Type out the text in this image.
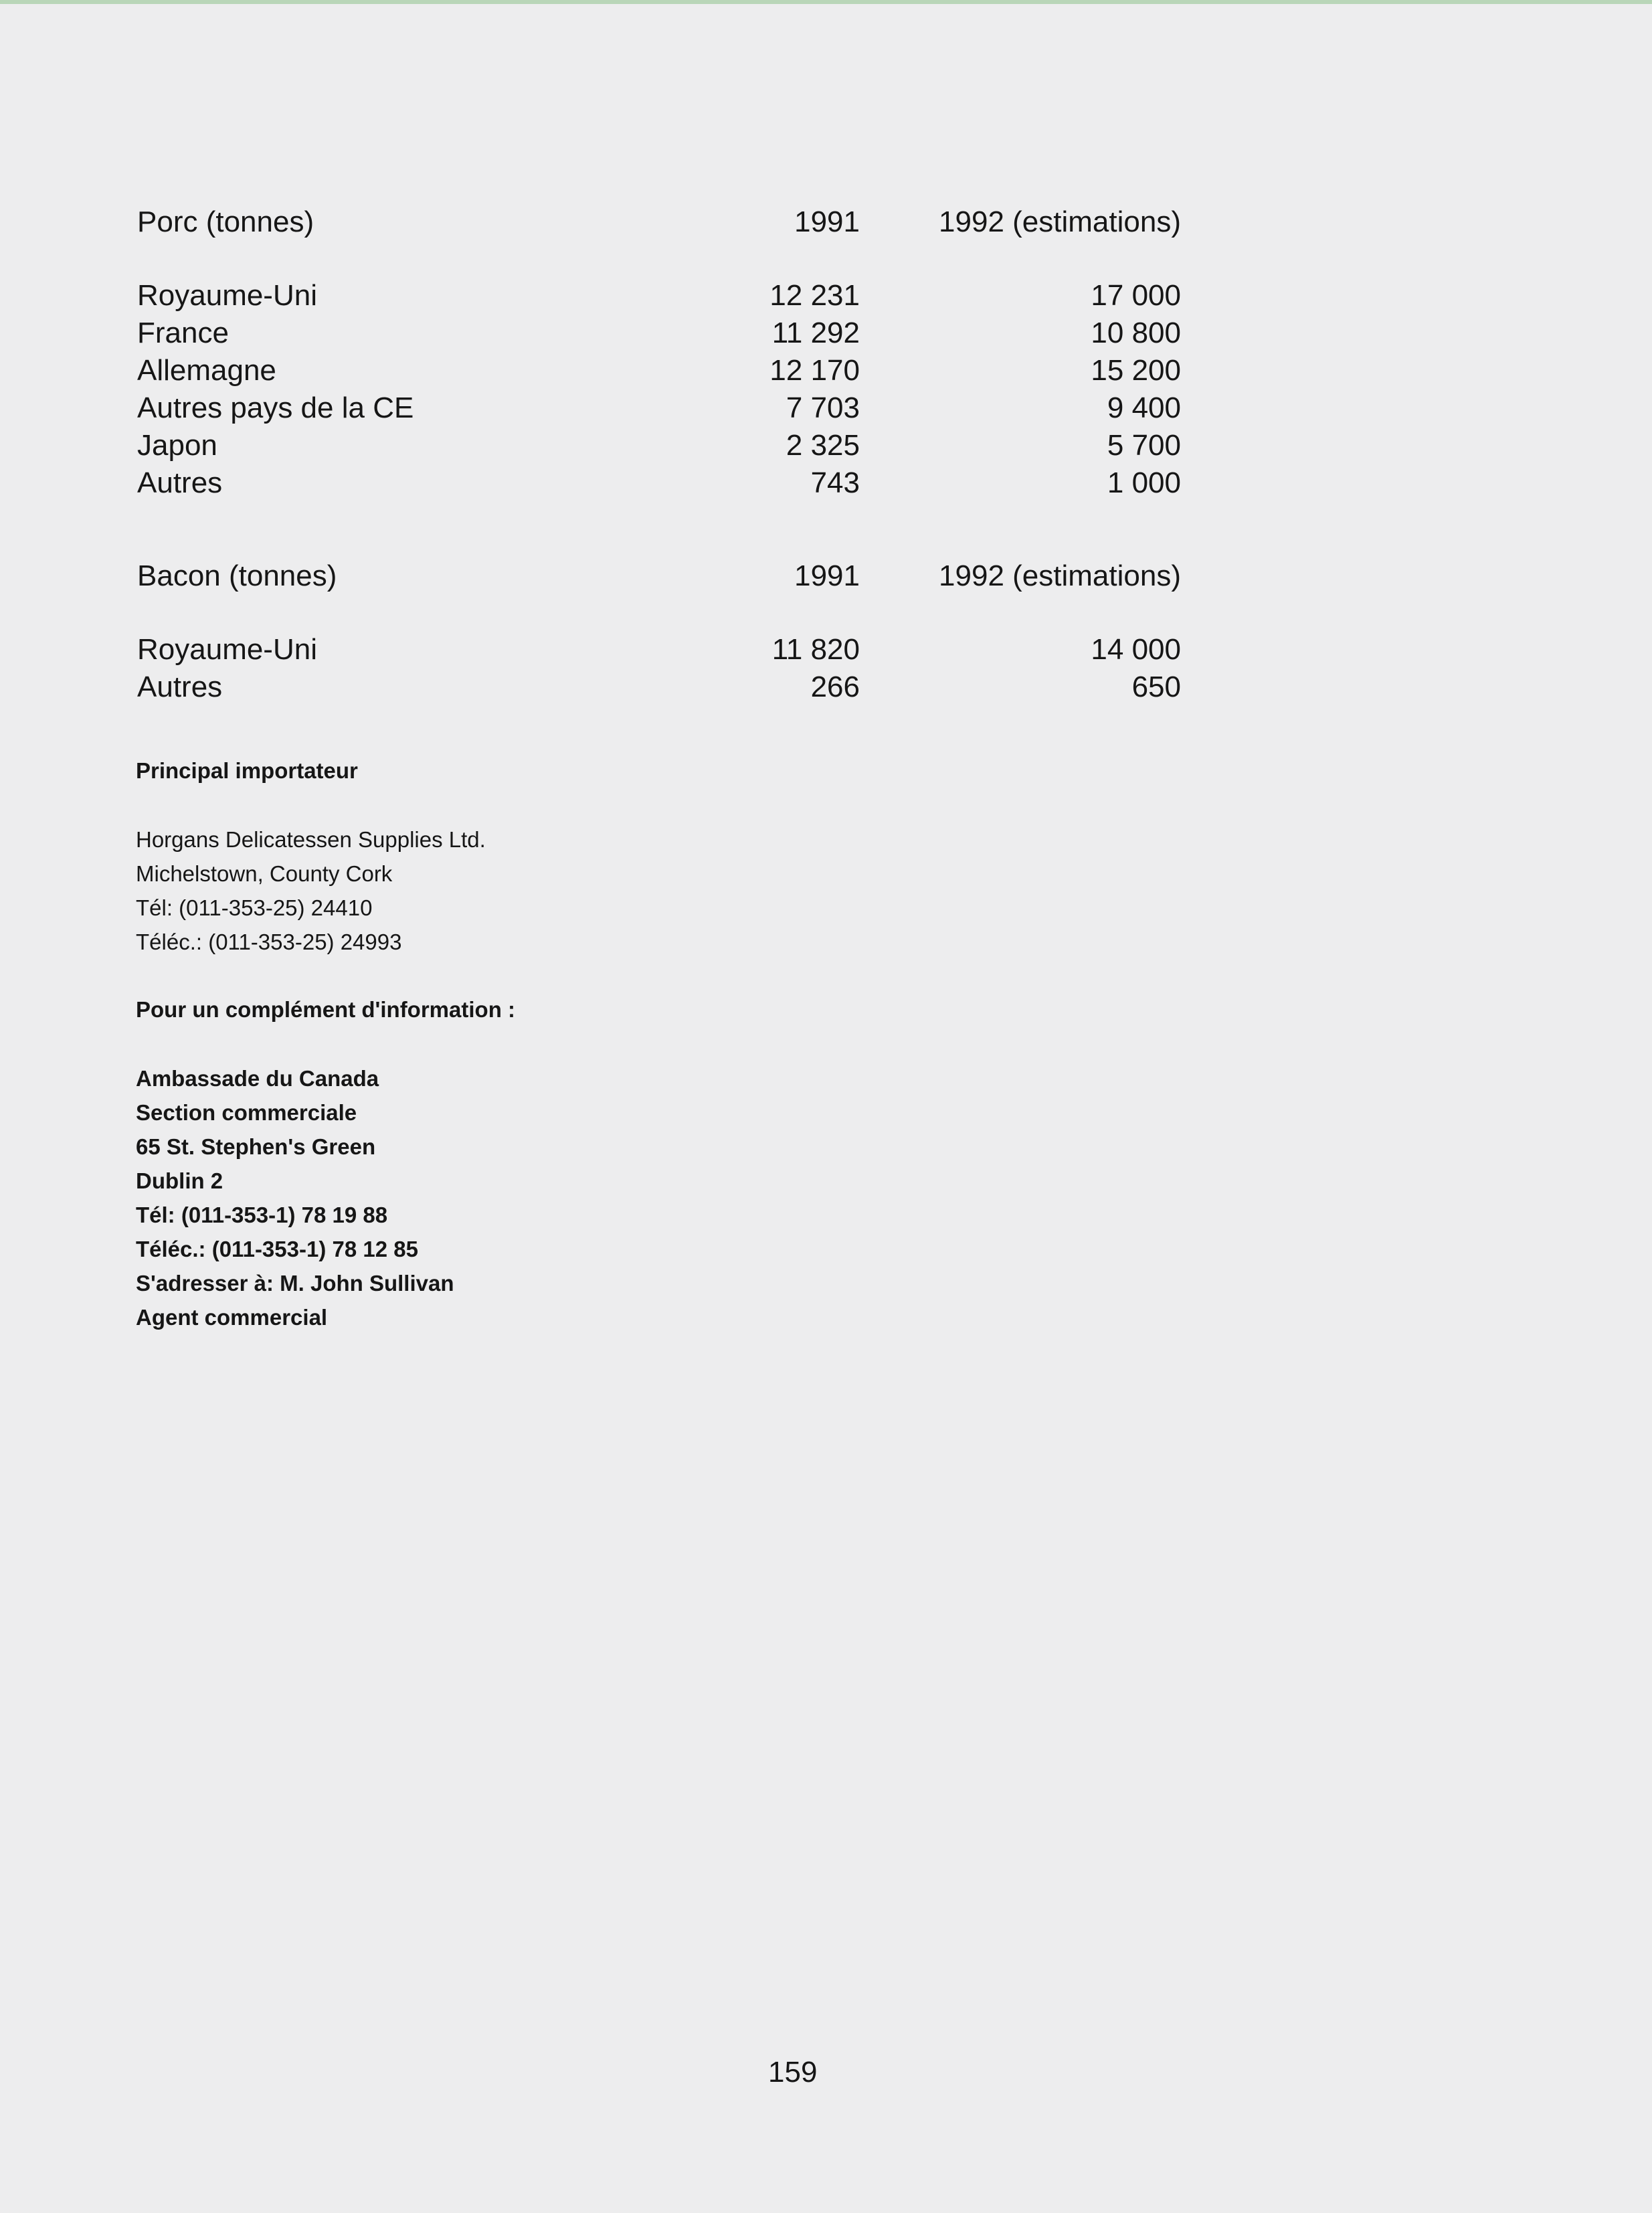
Porc (tonnes)	1991	1992 (estimations)
Royaume-Uni	12 231	17 000
France	11 292	10 800
Allemagne	12 170	15 200
Autres pays de la CE	7 703	9 400
Japon	2 325	5 700
Autres	743	1 000
Bacon (tonnes)	1991	1992 (estimations)
Royaume-Uni	11 820	14 000
Autres	266	650
Principal importateur
Horgans Delicatessen Supplies Ltd.
Michelstown, County Cork
Tél: (011-353-25) 24410
Téléc.: (011-353-25) 24993
Pour un complément d'information :
Ambassade du Canada
Section commerciale
65 St. Stephen's Green
Dublin 2
Tél: (011-353-1) 78 19 88
Téléc.: (011-353-1) 78 12 85
S'adresser à: M. John Sullivan
Agent commercial
159
